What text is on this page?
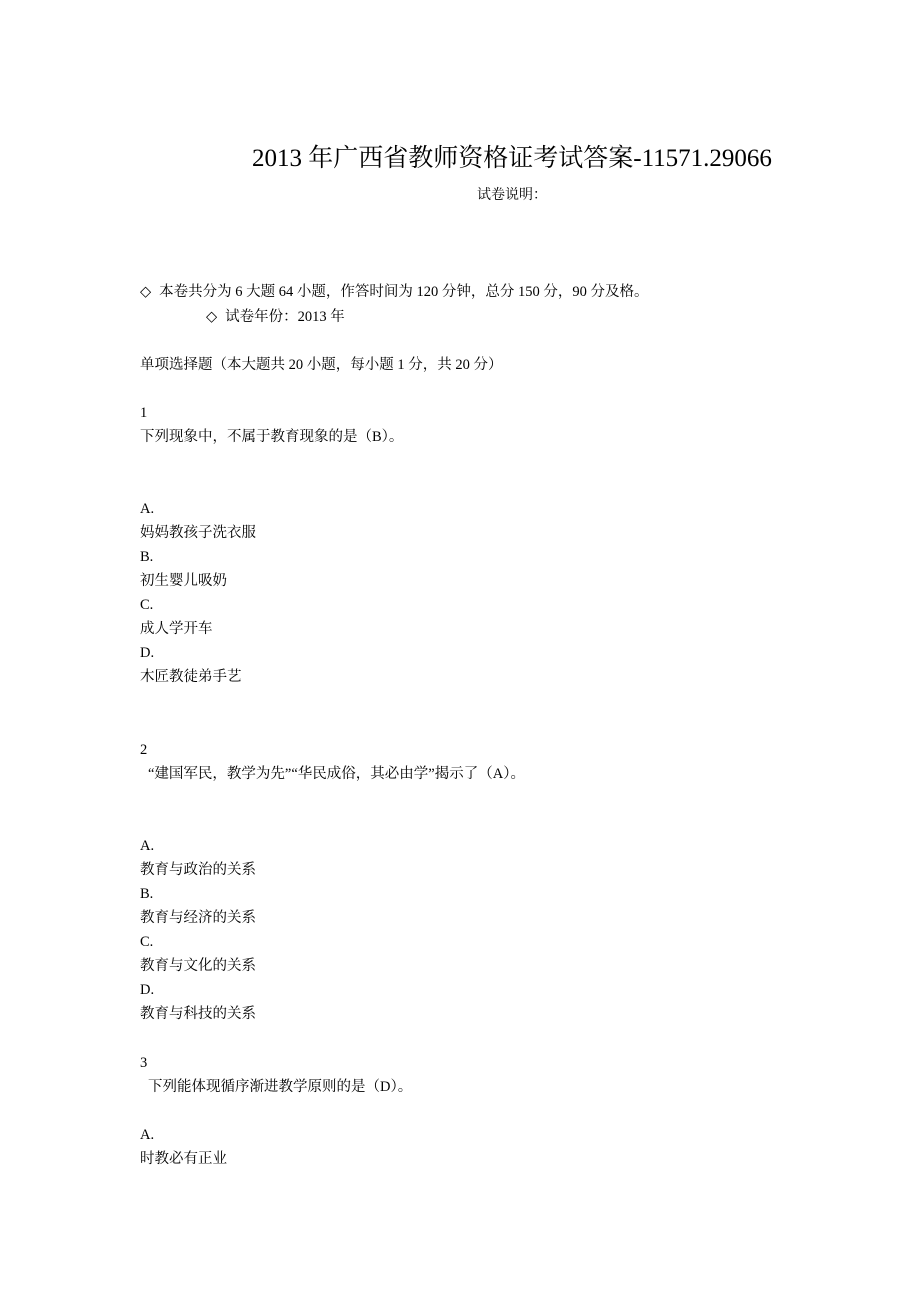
2013 年广西省教师资格证考试答案-11571.29066
试卷说明：
◇ 本卷共分为 6 大题 64 小题，作答时间为 120 分钟，总分 150 分，90 分及格。
◇ 试卷年份：2013 年
单项选择题（本大题共 20 小题，每小题 1 分，共 20 分）
1
下列现象中，不属于教育现象的是（B）。
A.
妈妈教孩子洗衣服
B.
初生婴儿吸奶
C.
成人学开车
D.
木匠教徒弟手艺
2
“建国军民，教学为先”“华民成俗，其必由学”揭示了（A）。
A.
教育与政治的关系
B.
教育与经济的关系
C.
教育与文化的关系
D.
教育与科技的关系
3
下列能体现循序渐进教学原则的是（D）。
A.
时教必有正业
